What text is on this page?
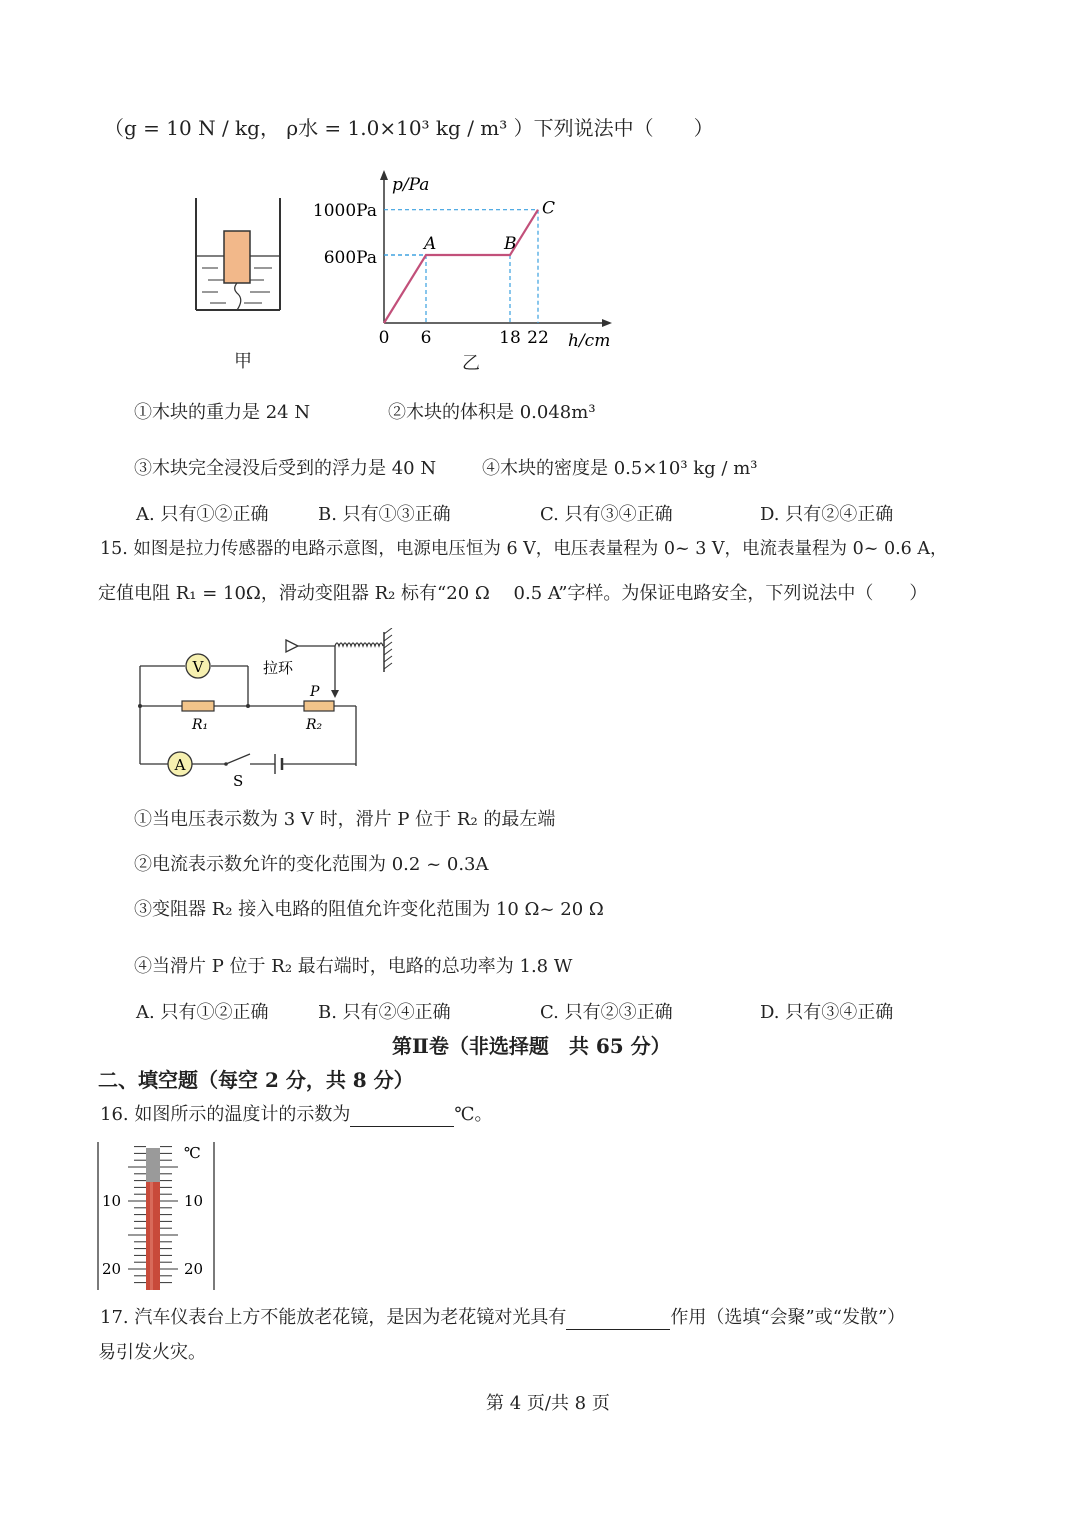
（g = 10 N / kg， ρ水 = 1.0×10³ kg / m³ ）下列说法中（　　）
甲
p/Pa
h/cm
1000Pa
600Pa
0 6	18 22
A	B
C
乙
①木块的重力是 24 N	②木块的体积是 0.048m³
③木块完全浸没后受到的浮力是 40 N	④木块的密度是 0.5×10³ kg / m³
A. 只有①②正确	B. 只有①③正确	C. 只有③④正确	D. 只有②④正确
15. 如图是拉力传感器的电路示意图，电源电压恒为 6 V，电压表量程为 0~ 3 V，电流表量程为 0~ 0.6 A，
定值电阻 R₁ = 10Ω，滑动变阻器 R₂ 标有“20 Ω　 0.5 A”字样。为保证电路安全，下列说法中（　　）
V
A
R₁	R₂
P
拉环
S
①当电压表示数为 3 V 时，滑片 P 位于 R₂ 的最左端
②电流表示数允许的变化范围为 0.2 ~ 0.3A
③变阻器 R₂ 接入电路的阻值允许变化范围为 10 Ω~ 20 Ω
④当滑片 P 位于 R₂ 最右端时，电路的总功率为 1.8 W
A. 只有①②正确	B. 只有②④正确	C. 只有②③正确	D. 只有③④正确
第Ⅱ卷（非选择题　共 65 分）
二、填空题（每空 2 分，共 8 分）
16. 如图所示的温度计的示数为	℃。
℃
10	10
20	20
17. 汽车仪表台上方不能放老花镜，是因为老花镜对光具有	作用（选填“会聚”或“发散”）
易引发火灾。
第 4 页/共 8 页
